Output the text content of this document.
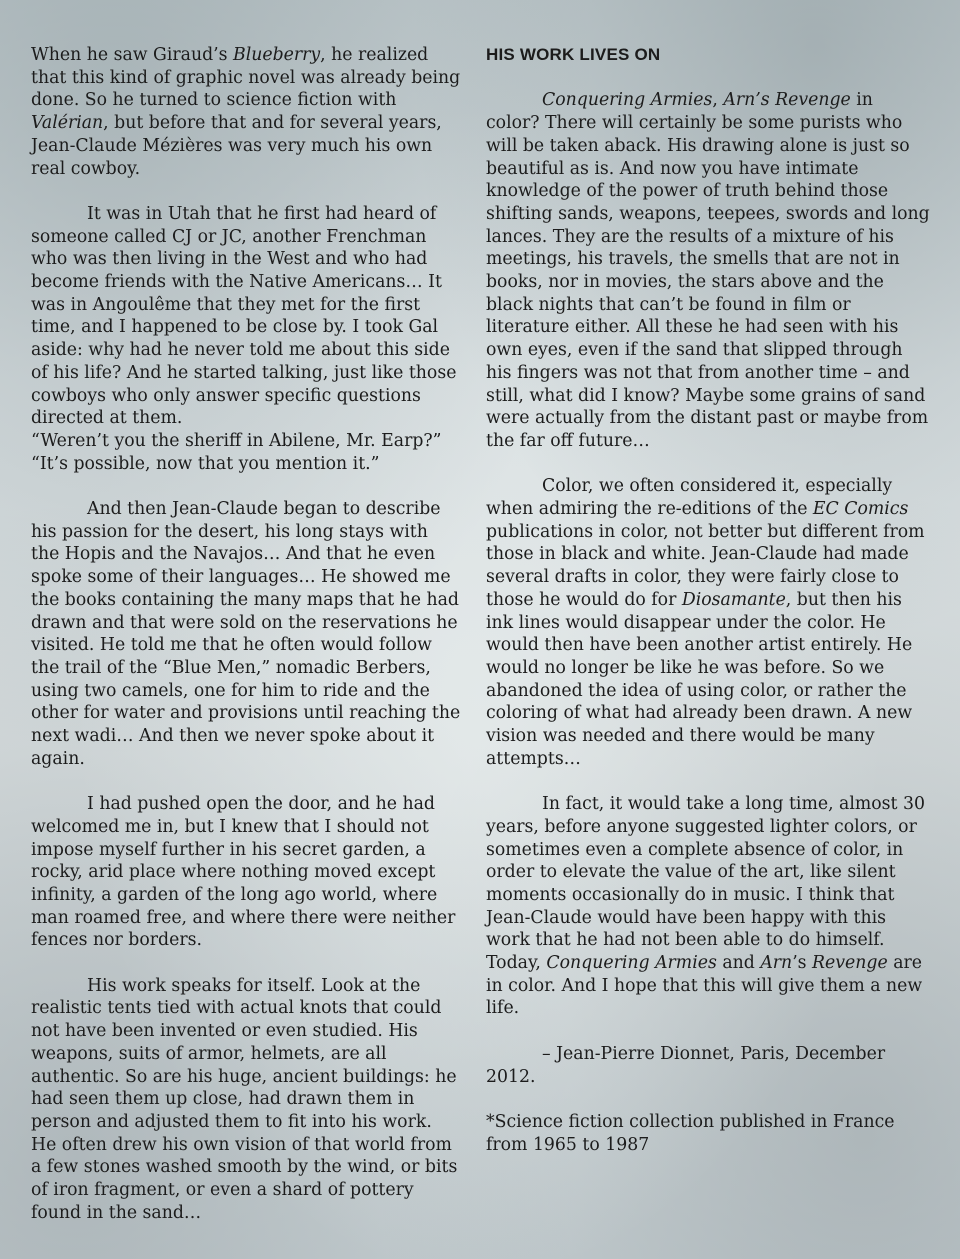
When he saw Giraud’s Blueberry, he realized that this kind of graphic novel was already being done. So he turned to science fiction with Valérian, but before that and for several years, Jean-Claude Mézières was very much his own real cowboy.

It was in Utah that he first had heard of someone called CJ or JC, another Frenchman who was then living in the West and who had become friends with the Native Americans… It was in Angoulême that they met for the first time, and I happened to be close by. I took Gal aside: why had he never told me about this side of his life? And he started talking, just like those cowboys who only answer specific questions directed at them.
“Weren’t you the sheriff in Abilene, Mr. Earp?”
“It’s possible, now that you mention it.”

And then Jean-Claude began to describe his passion for the desert, his long stays with the Hopis and the Navajos… And that he even spoke some of their languages… He showed me the books containing the many maps that he had drawn and that were sold on the reservations he visited. He told me that he often would follow the trail of the “Blue Men,” nomadic Berbers, using two camels, one for him to ride and the other for water and provisions until reaching the next wadi… And then we never spoke about it again.

I had pushed open the door, and he had welcomed me in, but I knew that I should not impose myself further in his secret garden, a rocky, arid place where nothing moved except infinity, a garden of the long ago world, where man roamed free, and where there were neither fences nor borders.

His work speaks for itself. Look at the realistic tents tied with actual knots that could not have been invented or even studied. His weapons, suits of armor, helmets, are all authentic. So are his huge, ancient buildings: he had seen them up close, had drawn them in person and adjusted them to fit into his work. He often drew his own vision of that world from a few stones washed smooth by the wind, or bits of iron fragment, or even a shard of pottery found in the sand…

HIS WORK LIVES ON

Conquering Armies, Arn’s Revenge in color? There will certainly be some purists who will be taken aback. His drawing alone is just so beautiful as is. And now you have intimate knowledge of the power of truth behind those shifting sands, weapons, teepees, swords and long lances. They are the results of a mixture of his meetings, his travels, the smells that are not in books, nor in movies, the stars above and the black nights that can’t be found in film or literature either. All these he had seen with his own eyes, even if the sand that slipped through his fingers was not that from another time – and still, what did I know? Maybe some grains of sand were actually from the distant past or maybe from the far off future…

Color, we often considered it, especially when admiring the re-editions of the EC Comics publications in color, not better but different from those in black and white. Jean-Claude had made several drafts in color, they were fairly close to those he would do for Diosamante, but then his ink lines would disappear under the color. He would then have been another artist entirely. He would no longer be like he was before. So we abandoned the idea of using color, or rather the coloring of what had already been drawn. A new vision was needed and there would be many attempts…

In fact, it would take a long time, almost 30 years, before anyone suggested lighter colors, or sometimes even a complete absence of color, in order to elevate the value of the art, like silent moments occasionally do in music. I think that Jean-Claude would have been happy with this work that he had not been able to do himself. Today, Conquering Armies and Arn’s Revenge are in color. And I hope that this will give them a new life.

– Jean-Pierre Dionnet, Paris, December 2012.

*Science fiction collection published in France from 1965 to 1987
